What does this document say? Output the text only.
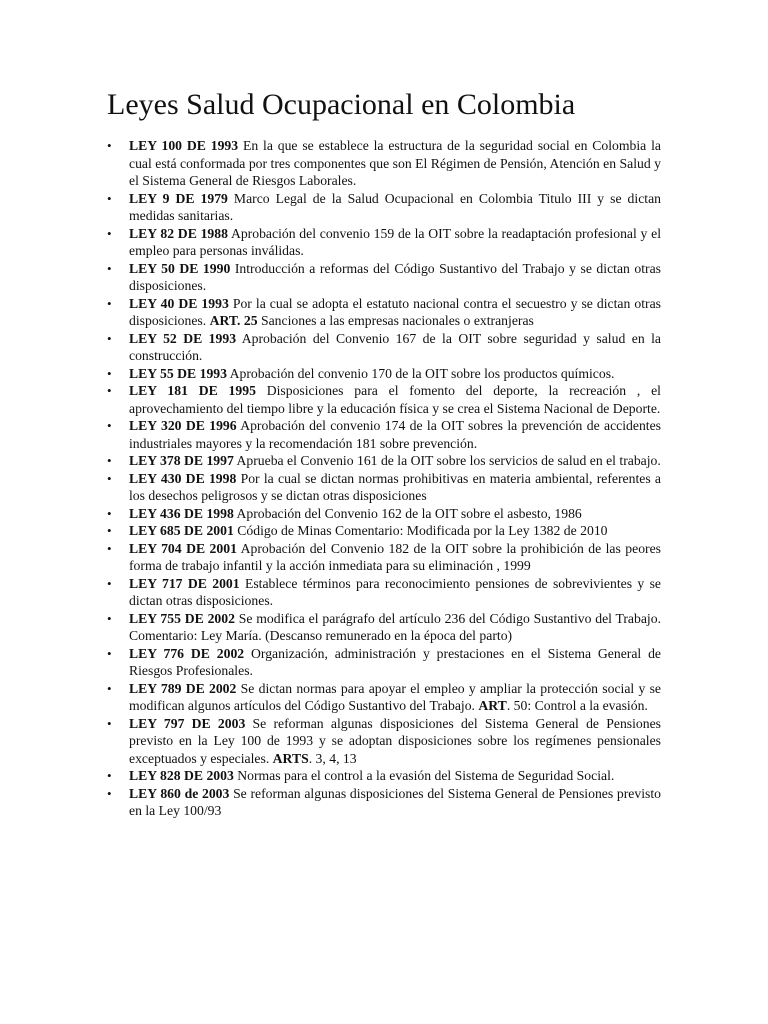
Leyes Salud Ocupacional en Colombia
• LEY 100 DE 1993 En la que se establece la estructura de la seguridad social en Colombia la cual está conformada por tres componentes que son El Régimen de Pensión, Atención en Salud y el Sistema General de Riesgos Laborales.
• LEY 9 DE 1979 Marco Legal de la Salud Ocupacional en Colombia Titulo III y se dictan medidas sanitarias.
• LEY 82 DE 1988 Aprobación del convenio 159 de la OIT sobre la readaptación profesional y el empleo para personas inválidas.
• LEY 50 DE 1990 Introducción a reformas del Código Sustantivo del Trabajo y se dictan otras disposiciones.
• LEY 40 DE 1993 Por la cual se adopta el estatuto nacional contra el secuestro y se dictan otras disposiciones. ART. 25 Sanciones a las empresas nacionales o extranjeras
• LEY 52 DE 1993 Aprobación del Convenio 167 de la OIT sobre seguridad y salud en la construcción.
• LEY 55 DE 1993 Aprobación del convenio 170 de la OIT sobre los productos químicos.
• LEY 181 DE 1995 Disposiciones para el fomento del deporte, la recreación , el aprovechamiento del tiempo libre y la educación física y se crea el Sistema Nacional de Deporte.
• LEY 320 DE 1996 Aprobación del convenio 174 de la OIT sobres la prevención de accidentes industriales mayores y la recomendación 181 sobre prevención.
• LEY 378 DE 1997 Aprueba el Convenio 161 de la OIT sobre los servicios de salud en el trabajo.
• LEY 430 DE 1998 Por la cual se dictan normas prohibitivas en materia ambiental, referentes a los desechos peligrosos y se dictan otras disposiciones
• LEY 436 DE 1998 Aprobación del Convenio 162 de la OIT sobre el asbesto, 1986
• LEY 685 DE 2001 Código de Minas Comentario: Modificada por la Ley 1382 de 2010
• LEY 704 DE 2001 Aprobación del Convenio 182 de la OIT sobre la prohibición de las peores forma de trabajo infantil y la acción inmediata para su eliminación , 1999
• LEY 717 DE 2001 Establece términos para reconocimiento pensiones de sobrevivientes y se dictan otras disposiciones.
• LEY 755 DE 2002 Se modifica el parágrafo del artículo 236 del Código Sustantivo del Trabajo. Comentario: Ley María. (Descanso remunerado en la época del parto)
• LEY 776 DE 2002 Organización, administración y prestaciones en el Sistema General de Riesgos Profesionales.
• LEY 789 DE 2002 Se dictan normas para apoyar el empleo y ampliar la protección social y se modifican algunos artículos del Código Sustantivo del Trabajo. ART. 50: Control a la evasión.
• LEY 797 DE 2003 Se reforman algunas disposiciones del Sistema General de Pensiones previsto en la Ley 100 de 1993 y se adoptan disposiciones sobre los regímenes pensionales exceptuados y especiales. ARTS. 3, 4, 13
• LEY 828 DE 2003 Normas para el control a la evasión del Sistema de Seguridad Social.
• LEY 860 de 2003 Se reforman algunas disposiciones del Sistema General de Pensiones previsto en la Ley 100/93
